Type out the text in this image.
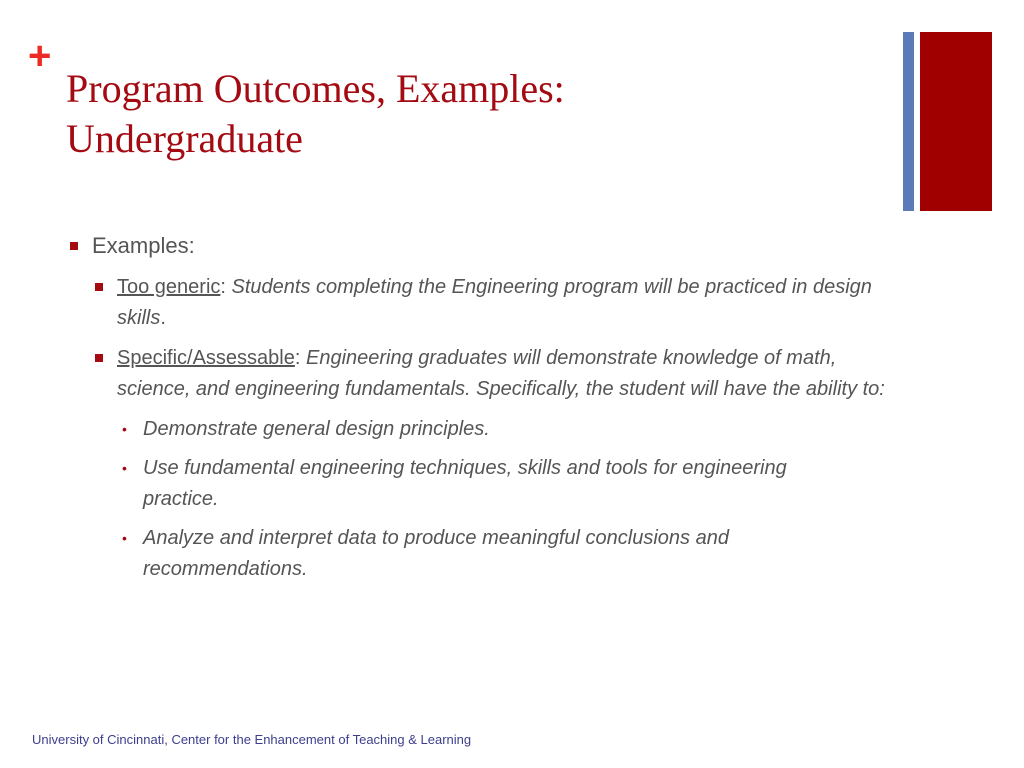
+
Program Outcomes, Examples:
Undergraduate
Examples:
Too generic: Students completing the Engineering program will be practiced in design skills.
Specific/Assessable: Engineering graduates will demonstrate knowledge of math, science, and engineering fundamentals. Specifically, the student will have the ability to:
• Demonstrate general design principles.
• Use fundamental engineering techniques, skills and tools for engineering practice.
• Analyze and interpret data to produce meaningful conclusions and recommendations.
University of Cincinnati, Center for the Enhancement of Teaching & Learning
